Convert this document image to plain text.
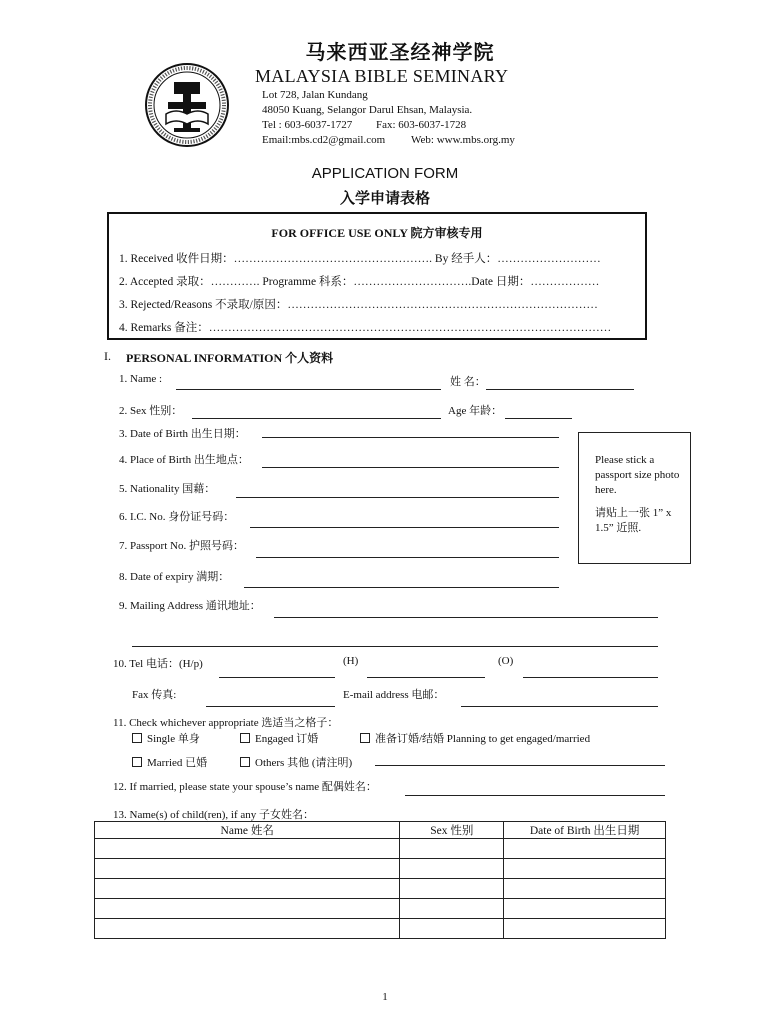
马来西亚圣经神学院
MALAYSIA BIBLE SEMINARY
Lot 728, Jalan Kundang
48050 Kuang, Selangor Darul Ehsan, Malaysia.
Tel : 603-6037-1727 Fax: 603-6037-1728
Email:mbs.cd2@gmail.com Web: www.mbs.org.my
APPLICATION FORM
入学申请表格
FOR OFFICE USE ONLY 院方审核专用
1. Received 收件日期：……………………………………………. By 经手人：………………………
2. Accepted 录取：…………. Programme 科系：………………………….Date 日期：………………
3. Rejected/Reasons 不录取/原因：………………………………………………………………………
4. Remarks 备注：……………………………………………………………………………………………
I. PERSONAL INFORMATION 个人资料
1. Name :	姓 名：
2. Sex 性别：	Age 年龄：
3. Date of Birth 出生日期：
4. Place of Birth 出生地点：
5. Nationality 国藉：
6. I.C. No. 身份证号码：
7. Passport No. 护照号码：
8. Date of expiry 满期：
Please stick a passport size photo here.
请贴上一张 1” x 1.5” 近照.
9. Mailing Address 通讯地址：
10. Tel 电话：(H/p)	(H)	(O)
Fax 传真:	E-mail address 电邮：
11. Check whichever appropriate 选适当之格子：
Single 单身	Engaged 订婚	准备订婚/结婚 Planning to get engaged/married
Married 已婚	Others 其他 (请注明)
12. If married, please state your spouse’s name 配偶姓名：
13. Name(s) of child(ren), if any 子女姓名：
Name 姓名	Sex 性别	Date of Birth 出生日期

1
